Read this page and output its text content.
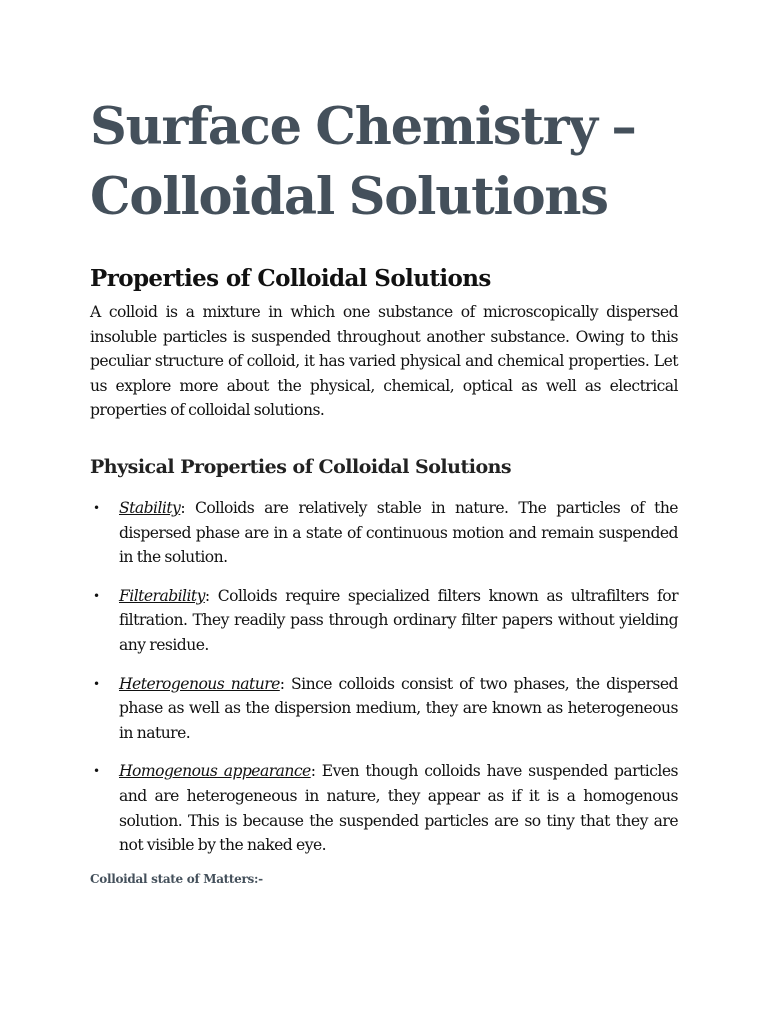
Surface Chemistry –
Colloidal Solutions
Properties of Colloidal Solutions

A colloid is a mixture in which one substance of microscopically dispersed insoluble particles is suspended throughout another substance. Owing to this peculiar structure of colloid, it has varied physical and chemical properties. Let us explore more about the physical, chemical, optical as well as electrical properties of colloidal solutions.

Physical Properties of Colloidal Solutions
• Stability: Colloids are relatively stable in nature. The particles of the dispersed phase are in a state of continuous motion and remain suspended in the solution.
• Filterability: Colloids require specialized filters known as ultrafilters for filtration. They readily pass through ordinary filter papers without yielding any residue.
• Heterogenous nature: Since colloids consist of two phases, the dispersed phase as well as the dispersion medium, they are known as heterogeneous in nature.
• Homogenous appearance: Even though colloids have suspended particles and are heterogeneous in nature, they appear as if it is a homogenous solution. This is because the suspended particles are so tiny that they are not visible by the naked eye.

Colloidal state of Matters:-
